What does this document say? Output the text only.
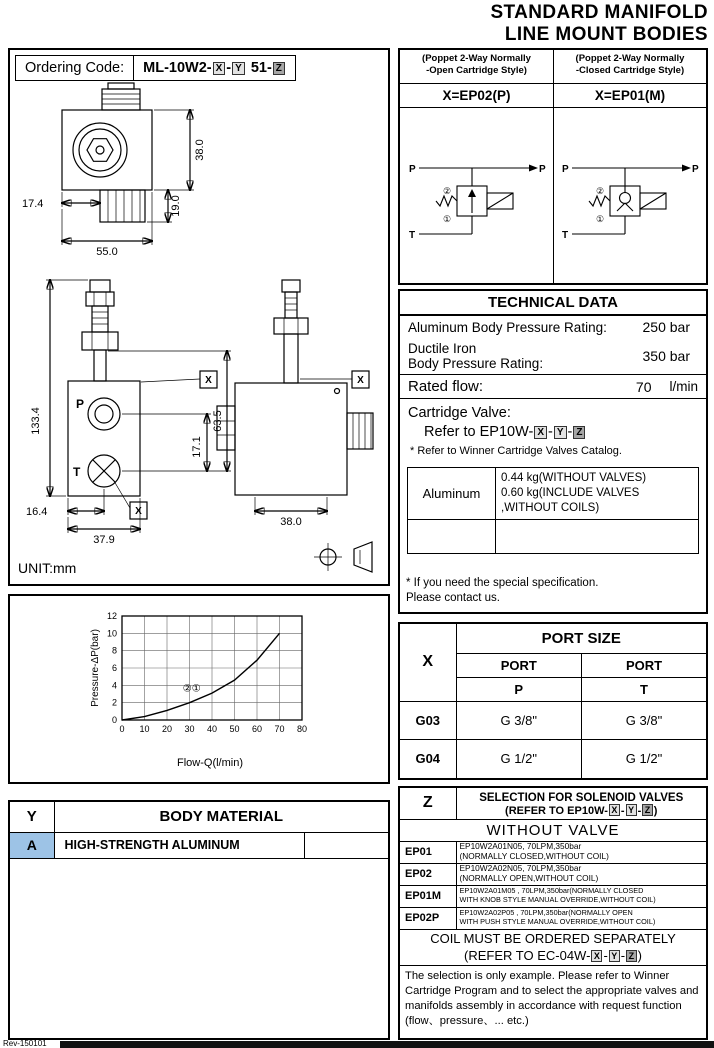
STANDARD MANIFOLD
LINE MOUNT BODIES
Ordering Code:	ML-10W2- X - Y 51- Z
17.4
55.0
38.0
19.0
P
T
133.4
17.1
63.5
16.4
37.9
X
X	X
38.0
UNIT:mm
Flow-Q(l/min)
Pressure-ΔP(bar)
0 10 20 30 40 50 60 70 80
0
2
4
6
8
10
12
②①
Y	BODY MATERIAL	
A	HIGH-STRENGTH ALUMINUM	
(Poppet 2-Way Normally
-Open Cartridge Style)
(Poppet 2-Way Normally
-Closed Cartridge Style)
X=EP02(P)	X=EP01(M)
P	P
②
①
T
P	P
②
①
T
TECHNICAL DATA
Aluminum Body Pressure Rating:	250 bar
Ductile Iron
Body Pressure Rating:	350 bar
Rated flow:	70	l/min
Cartridge Valve:
Refer to EP10W- X - Y - Z
* Refer to Winner Cartridge Valves Catalog.
Aluminum	0.44 kg(WITHOUT VALVES)
0.60 kg(INCLUDE VALVES
,WITHOUT COILS)

* If you need the special specification.
Please contact us.
X	PORT SIZE	
	PORT	PORT
	P	T
G03	G 3/8"	G 3/8"
G04	G 1/2"	G 1/2"
Z	SELECTION FOR SOLENOID VALVES
(REFER TO EP10W- X - Y - Z )

WITHOUT VALVE	
EP01	EP10W2A01N05, 70LPM,350bar
(NORMALLY CLOSED,WITHOUT COIL)

EP02	EP10W2A02N05, 70LPM,350bar
(NORMALLY OPEN,WITHOUT COIL)

EP01M	EP10W2A01M05 , 70LPM,350bar(NORMALLY CLOSED
WITH KNOB STYLE MANUAL OVERRIDE,WITHOUT COIL)

EP02P	EP10W2A02P05 , 70LPM,350bar(NORMALLY OPEN
WITH PUSH STYLE MANUAL OVERRIDE,WITHOUT COIL)

COIL MUST BE ORDERED SEPARATELY
(REFER TO EC-04W- X - Y - Z )	

The selection is only example. Please refer to Winner Cartridge Program and to select the appropriate valves and manifolds assembly in accordance with request function (flow、pressure、... etc.)	
Rev-150101
